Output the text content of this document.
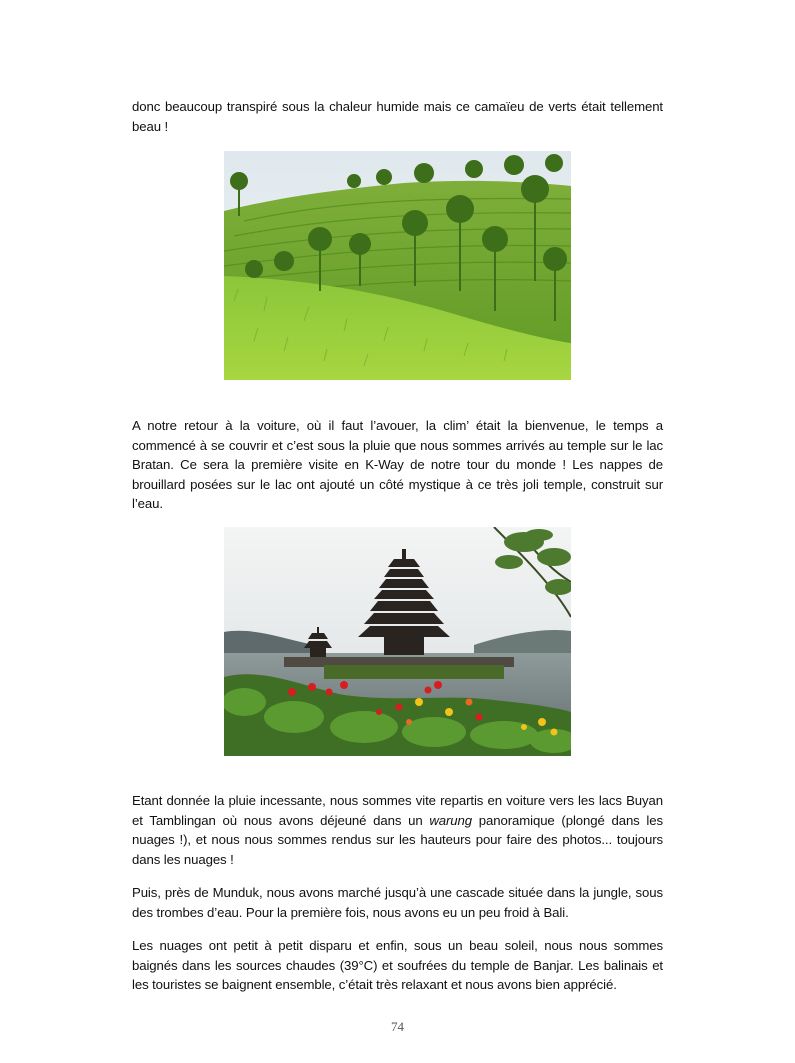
donc beaucoup transpiré sous la chaleur humide mais ce camaïeu de verts était tellement beau !

A notre retour à la voiture, où il faut l’avouer, la clim’ était la bienvenue, le temps a commencé à se couvrir et c’est sous la pluie que nous sommes arrivés au temple sur le lac Bratan. Ce sera la première visite en K-Way de notre tour du monde ! Les nappes de brouillard posées sur le lac ont ajouté un côté mystique à ce très joli temple, construit sur l’eau.

Etant donnée la pluie incessante, nous sommes vite repartis en voiture vers les lacs Buyan et Tamblingan où nous avons déjeuné dans un warung panoramique (plongé dans les nuages !), et nous nous sommes rendus sur les hauteurs pour faire des photos... toujours dans les nuages !

Puis, près de Munduk, nous avons marché jusqu’à une cascade située dans la jungle, sous des trombes d’eau. Pour la première fois, nous avons eu un peu froid à Bali.

Les nuages ont petit à petit disparu et enfin, sous un beau soleil, nous nous sommes baignés dans les sources chaudes (39°C) et soufrées du temple de Banjar. Les balinais et les touristes se baignent ensemble, c’était très relaxant et nous avons bien apprécié.

74
